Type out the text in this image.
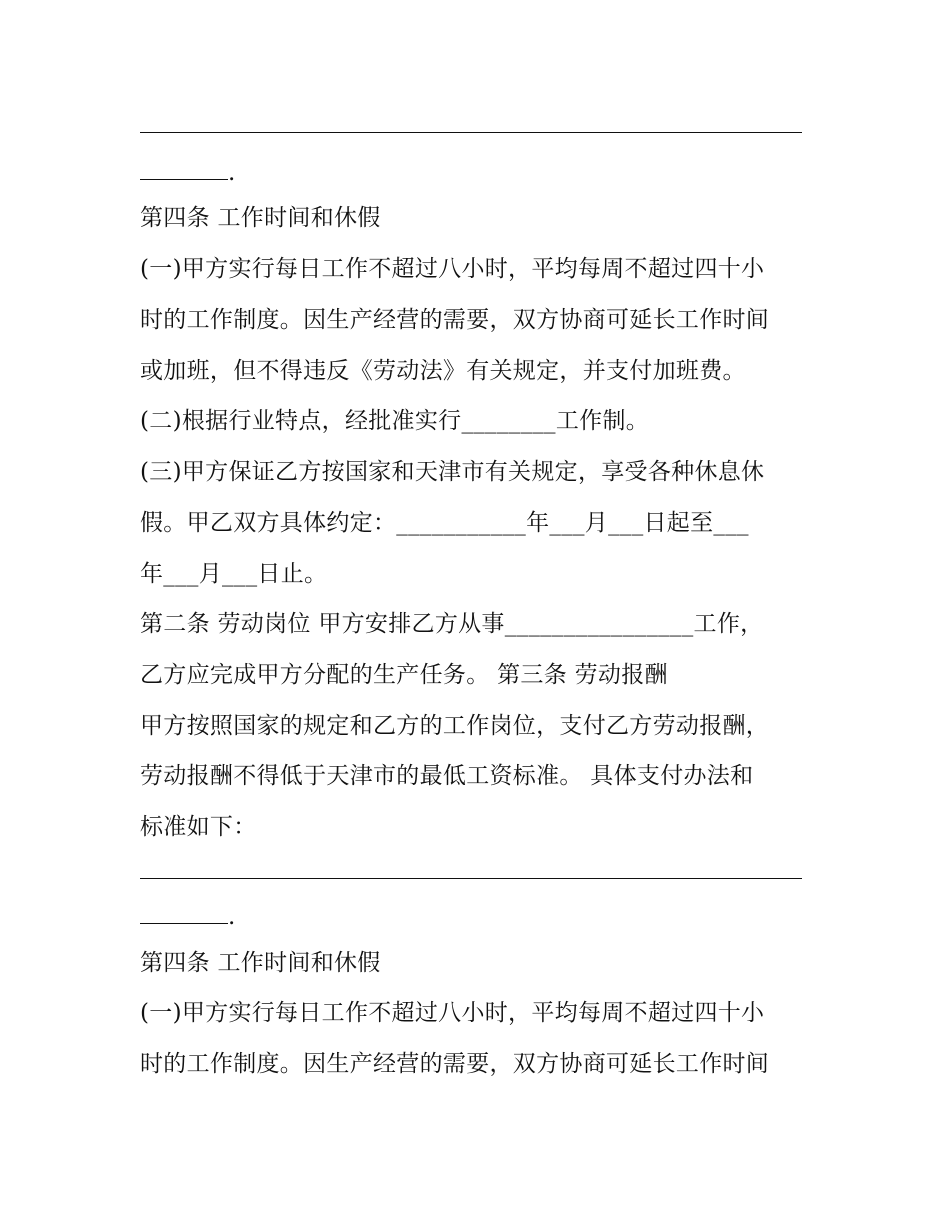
.
第四条 工作时间和休假
(一)甲方实行每日工作不超过八小时，平均每周不超过四十小
时的工作制度。因生产经营的需要，双方协商可延长工作时间
或加班，但不得违反《劳动法》有关规定，并支付加班费。
(二)根据行业特点，经批准实行________工作制。
(三)甲方保证乙方按国家和天津市有关规定，享受各种休息休
假。甲乙双方具体约定：___________年___月___日起至___
年___月___日止。
第二条 劳动岗位 甲方安排乙方从事________________工作，
乙方应完成甲方分配的生产任务。 第三条 劳动报酬
甲方按照国家的规定和乙方的工作岗位，支付乙方劳动报酬，
劳动报酬不得低于天津市的最低工资标准。 具体支付办法和
标准如下：
.
第四条 工作时间和休假
(一)甲方实行每日工作不超过八小时，平均每周不超过四十小
时的工作制度。因生产经营的需要，双方协商可延长工作时间
